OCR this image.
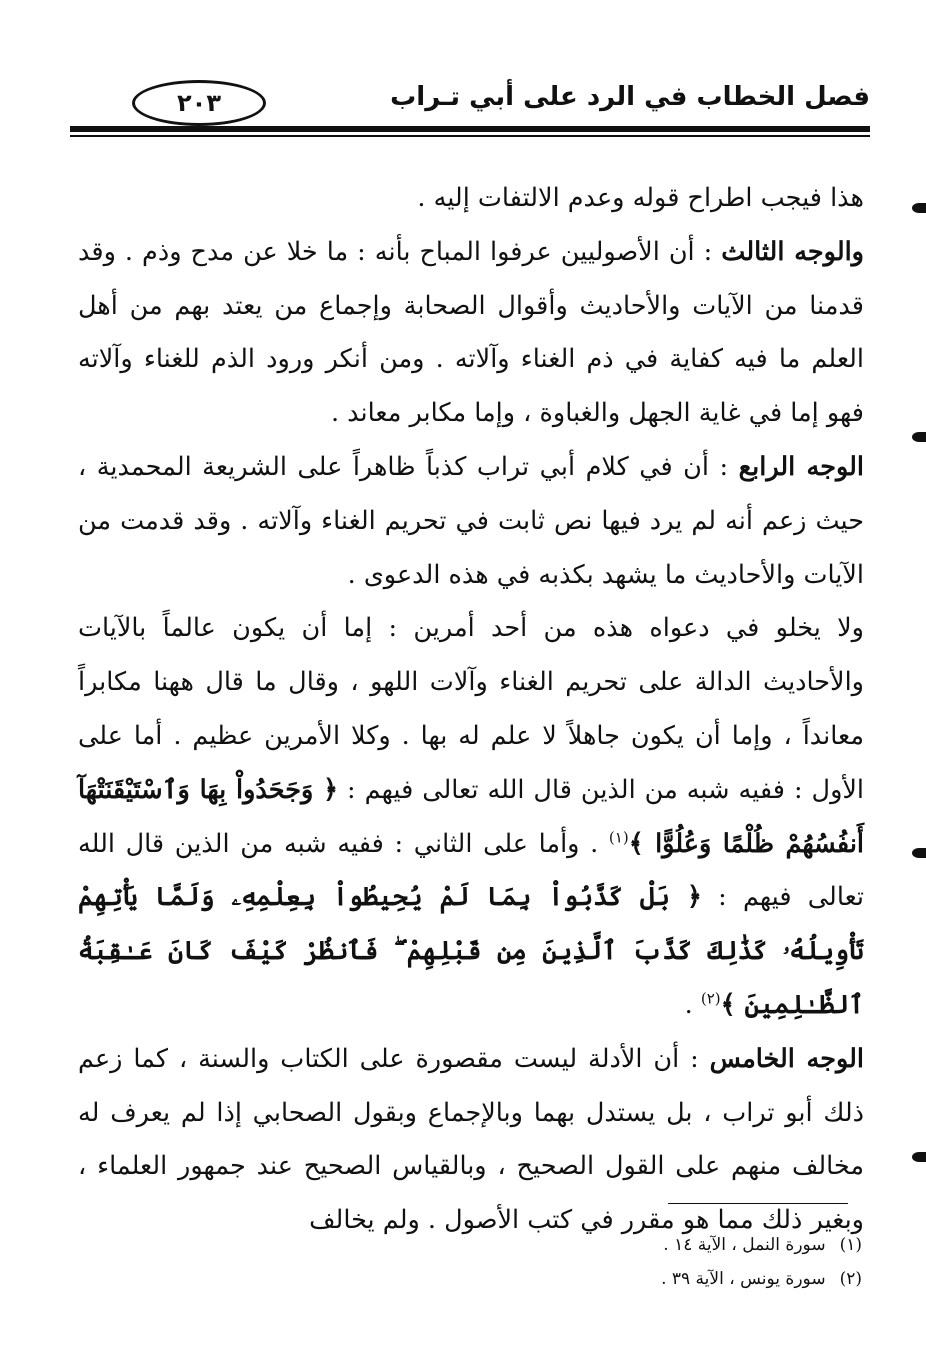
فصل الخطاب في الرد على أبي تـراب
٢٠٣

هذا فيجب اطراح قوله وعدم الالتفات إليه .

والوجه الثالث : أن الأصوليين عرفوا المباح بأنه : ما خلا عن مدح وذم . وقد قدمنا من الآيات والأحاديث وأقوال الصحابة وإجماع من يعتد بهم من أهل العلم ما فيه كفاية في ذم الغناء وآلاته . ومن أنكر ورود الذم للغناء وآلاته فهو إما في غاية الجهل والغباوة ، وإما مكابر معاند .

الوجه الرابع : أن في كلام أبي تراب كذباً ظاهراً على الشريعة المحمدية ، حيث زعم أنه لم يرد فيها نص ثابت في تحريم الغناء وآلاته . وقد قدمت من الآيات والأحاديث ما يشهد بكذبه في هذه الدعوى .

ولا يخلو في دعواه هذه من أحد أمرين : إما أن يكون عالماً بالآيات والأحاديث الدالة على تحريم الغناء وآلات اللهو ، وقال ما قال ههنا مكابراً معانداً ، وإما أن يكون جاهلاً لا علم له بها . وكلا الأمرين عظيم . أما على الأول : ففيه شبه من الذين قال الله تعالى فيهم : ﴿ وَجَحَدُواْ بِهَا وَٱسْتَيْقَنَتْهَآ أَنفُسُهُمْ ظُلْمًا وَعُلُوًّا ﴾$^{(١)}$ . وأما على الثاني : ففيه شبه من الذين قال الله تعالى فيهم : ﴿ بَلْ كَذَّبُواْ بِمَا لَمْ يُحِيطُواْ بِعِلْمِهِۦ وَلَمَّا يَأْتِهِمْ تَأْوِيلُهُۥ كَذَٰلِكَ كَذَّبَ ٱلَّذِينَ مِن قَبْلِهِمْ ۖ فَٱنظُرْ كَيْفَ كَانَ عَـٰقِبَةُ ٱلظَّـٰلِمِينَ ﴾$^{(٢)}$ .

الوجه الخامس : أن الأدلة ليست مقصورة على الكتاب والسنة ، كما زعم ذلك أبو تراب ، بل يستدل بهما وبالإجماع وبقول الصحابي إذا لم يعرف له مخالف منهم على القول الصحيح ، وبالقياس الصحيح عند جمهور العلماء ، وبغير ذلك مما هو مقرر في كتب الأصول . ولم يخالف

(١)سورة النمل ، الآية ١٤ .
(٢)سورة يونس ، الآية ٣٩ .
